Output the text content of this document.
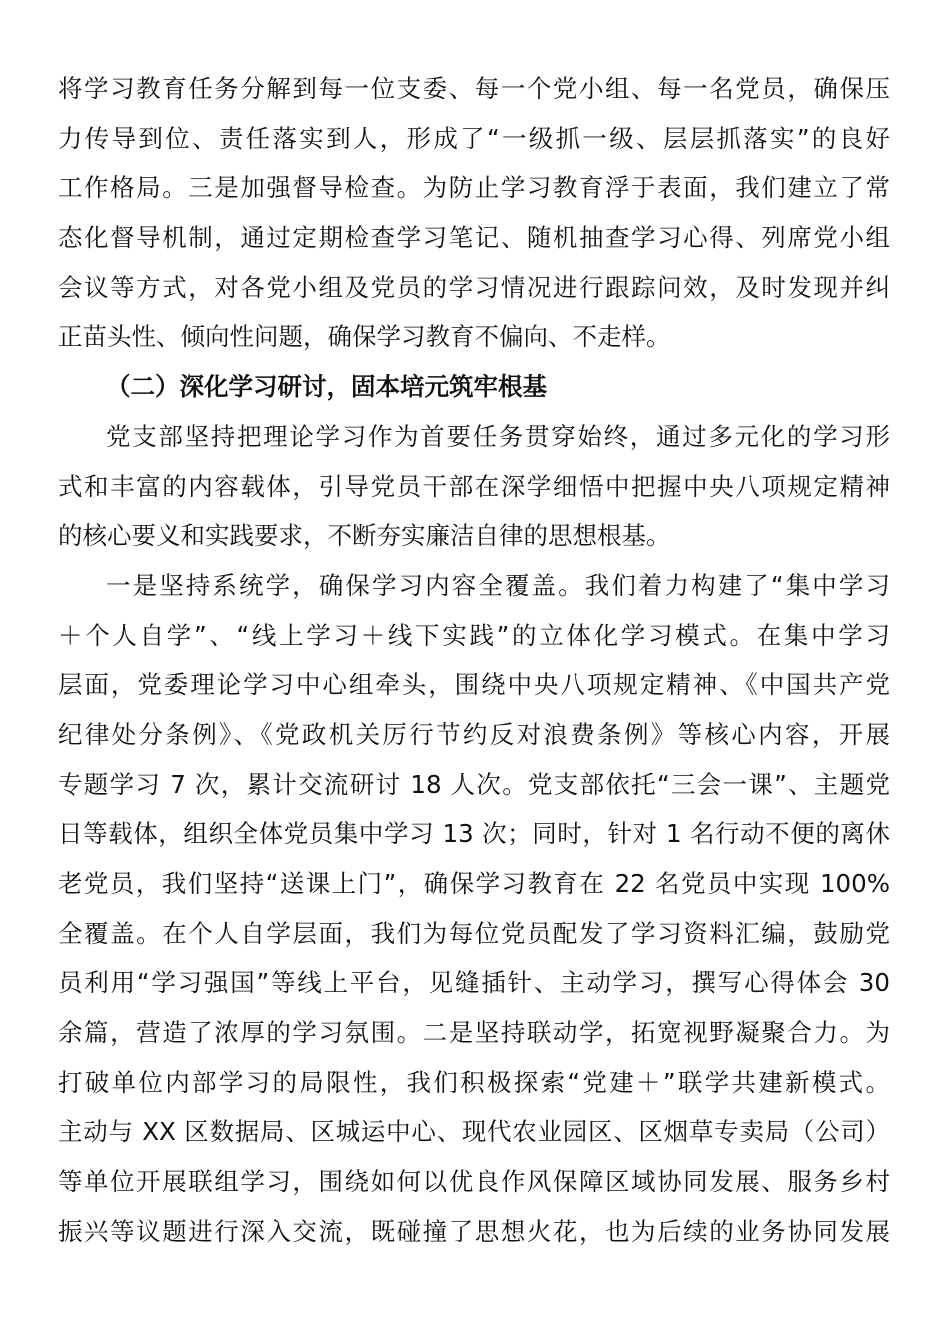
将学习教育任务分解到每一位支委、每一个党小组、每一名党员，确保压
力传导到位、责任落实到人，形成了“一级抓一级、层层抓落实”的良好
工作格局。三是加强督导检查。为防止学习教育浮于表面，我们建立了常
态化督导机制，通过定期检查学习笔记、随机抽查学习心得、列席党小组
会议等方式，对各党小组及党员的学习情况进行跟踪问效，及时发现并纠
正苗头性、倾向性问题，确保学习教育不偏向、不走样。
（二）深化学习研讨，固本培元筑牢根基
党支部坚持把理论学习作为首要任务贯穿始终，通过多元化的学习形
式和丰富的内容载体，引导党员干部在深学细悟中把握中央八项规定精神
的核心要义和实践要求，不断夯实廉洁自律的思想根基。
一是坚持系统学，确保学习内容全覆盖。我们着力构建了“集中学习
＋个人自学”、“线上学习＋线下实践”的立体化学习模式。在集中学习
层面，党委理论学习中心组牵头，围绕中央八项规定精神、《中国共产党
纪律处分条例》、《党政机关厉行节约反对浪费条例》等核心内容，开展
专题学习 7 次，累计交流研讨 18 人次。党支部依托“三会一课”、主题党
日等载体，组织全体党员集中学习 13 次；同时，针对 1 名行动不便的离休
老党员，我们坚持“送课上门”，确保学习教育在 22 名党员中实现 100%
全覆盖。在个人自学层面，我们为每位党员配发了学习资料汇编，鼓励党
员利用“学习强国”等线上平台，见缝插针、主动学习，撰写心得体会 30
余篇，营造了浓厚的学习氛围。二是坚持联动学，拓宽视野凝聚合力。为
打破单位内部学习的局限性，我们积极探索“党建＋”联学共建新模式。
主动与 XX 区数据局、区城运中心、现代农业园区、区烟草专卖局（公司）
等单位开展联组学习，围绕如何以优良作风保障区域协同发展、服务乡村
振兴等议题进行深入交流，既碰撞了思想火花，也为后续的业务协同发展
